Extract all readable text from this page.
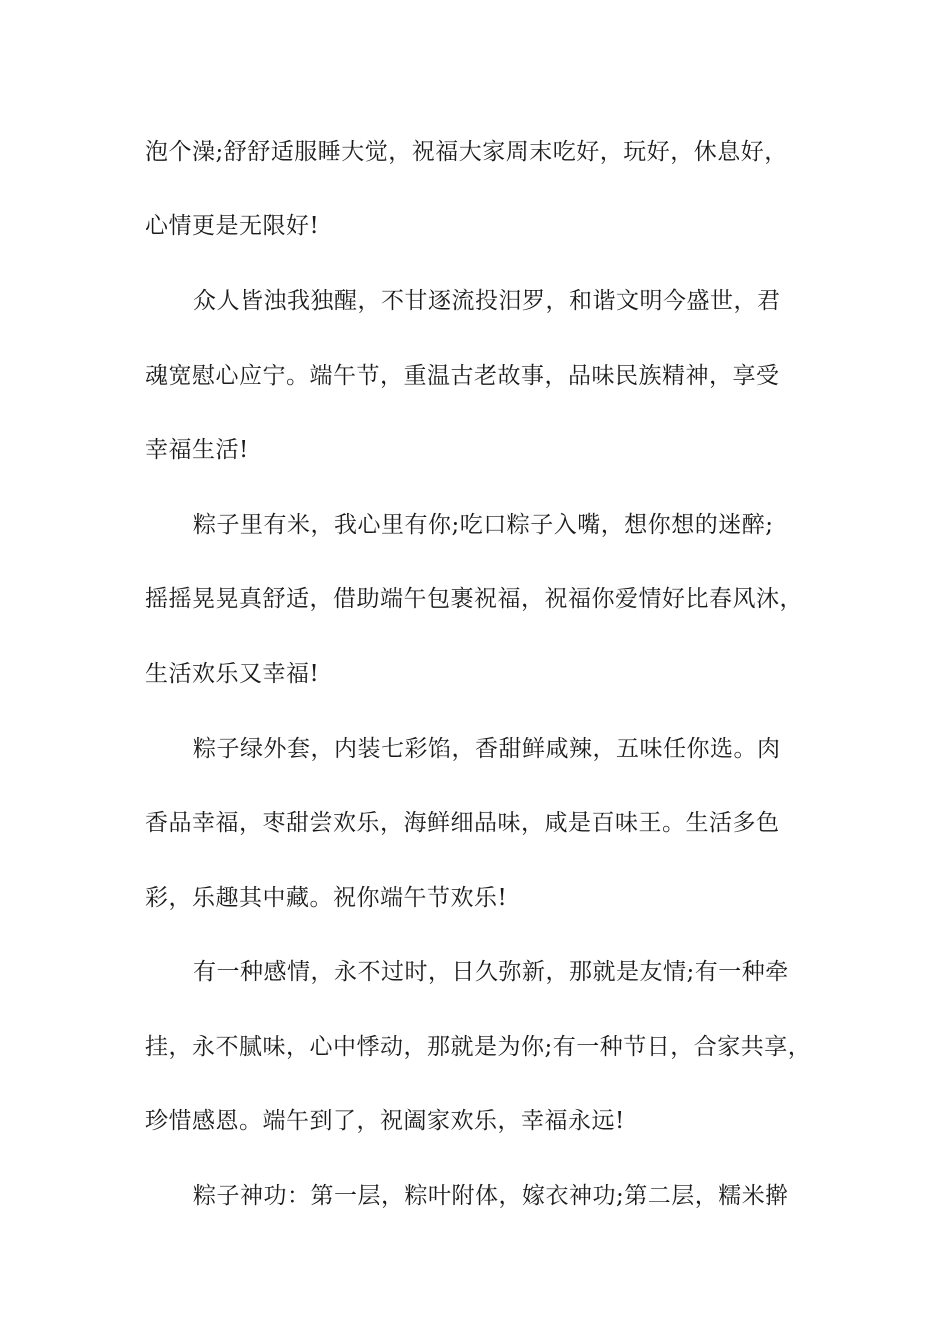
泡个澡;舒舒适服睡大觉，祝福大家周末吃好，玩好，休息好，
心情更是无限好!
众人皆浊我独醒，不甘逐流投汨罗，和谐文明今盛世，君
魂宽慰心应宁。端午节，重温古老故事，品味民族精神，享受
幸福生活!
粽子里有米，我心里有你;吃口粽子入嘴，想你想的迷醉;
摇摇晃晃真舒适，借助端午包裹祝福，祝福你爱情好比春风沐，
生活欢乐又幸福!
粽子绿外套，内装七彩馅，香甜鲜咸辣，五味任你选。肉
香品幸福，枣甜尝欢乐，海鲜细品味，咸是百味王。生活多色
彩，乐趣其中藏。祝你端午节欢乐!
有一种感情，永不过时，日久弥新，那就是友情;有一种牵
挂，永不腻味，心中悸动，那就是为你;有一种节日，合家共享，
珍惜感恩。端午到了，祝阖家欢乐，幸福永远!
粽子神功：第一层，粽叶附体，嫁衣神功;第二层，糯米擀
